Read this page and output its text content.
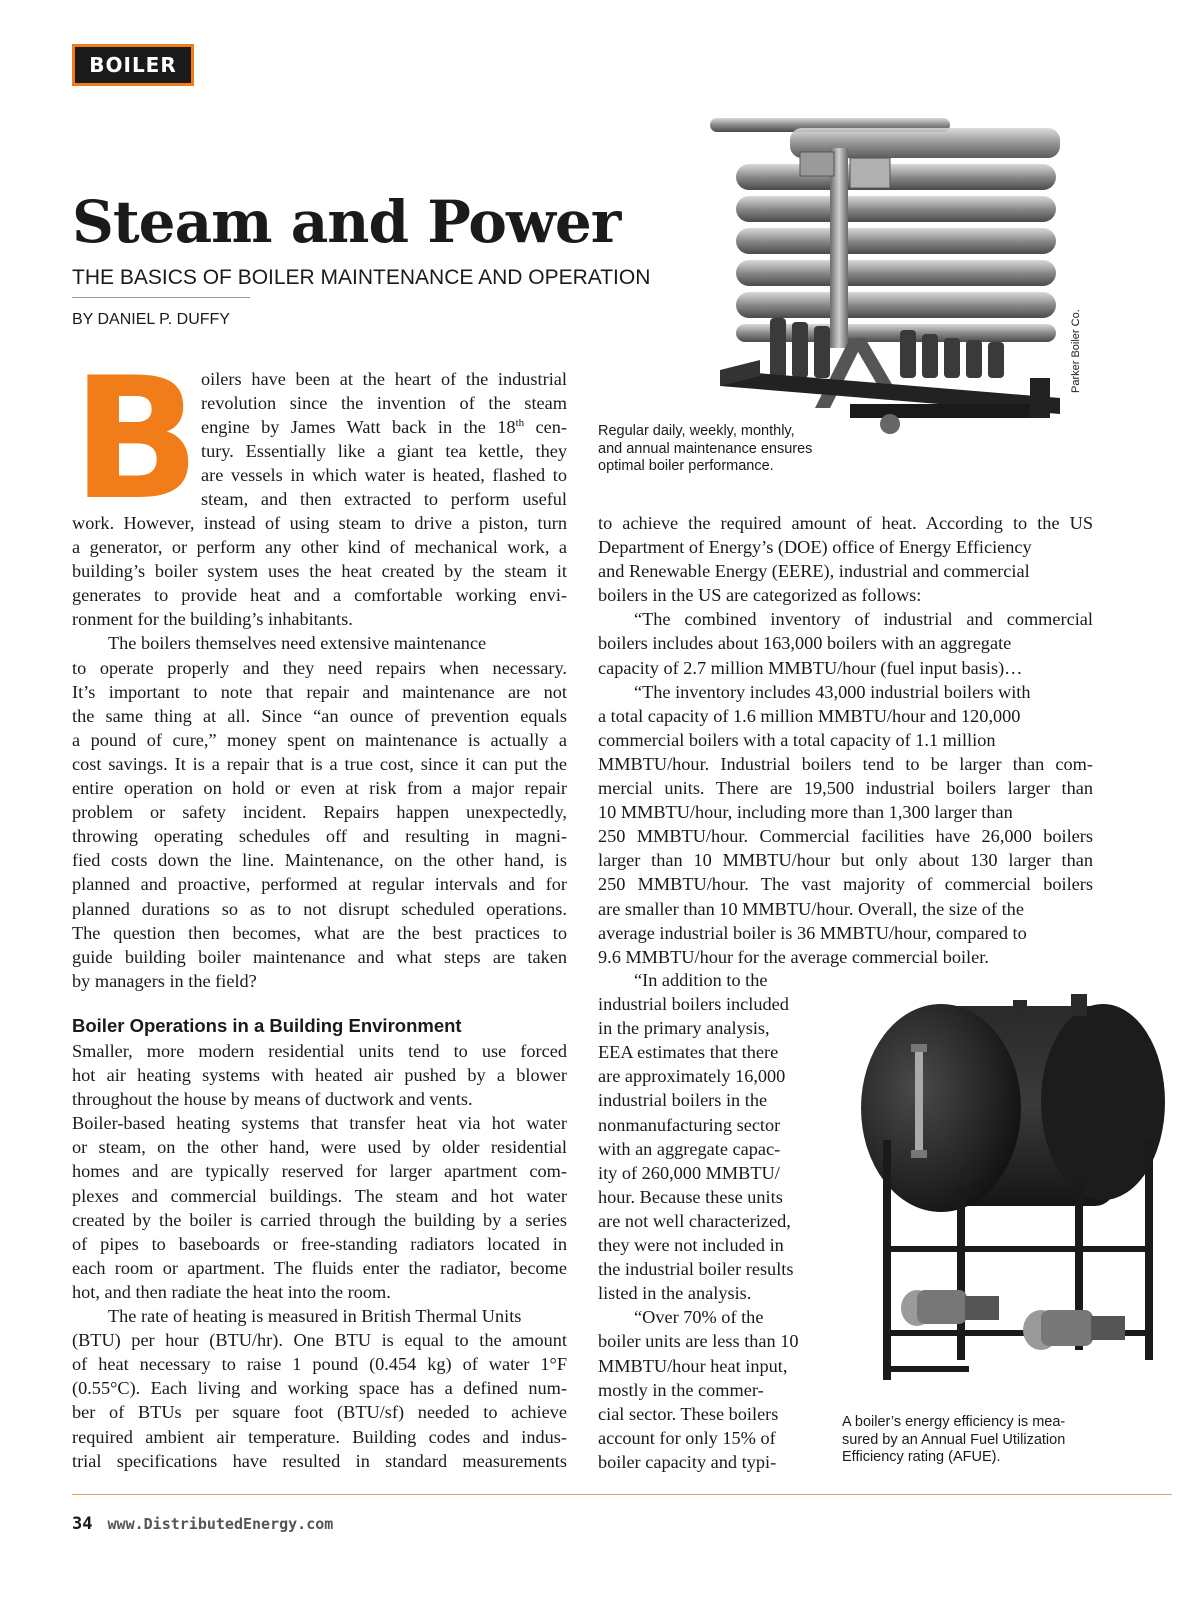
BOILER
Steam and Power
THE BASICS OF BOILER MAINTENANCE AND OPERATION
BY DANIEL P. DUFFY	Parker Boiler Co.
Regular daily, weekly, monthly,
and annual maintenance ensures
optimal boiler performance.
B oilers have been at the heart of the industrial

revolution since the invention of the steam

engine by James Watt back in the 18th cen-

tury. Essentially like a giant tea kettle, they

are vessels in which water is heated, flashed to

steam, and then extracted to perform useful

work. However, instead of using steam to drive a piston, turn

a generator, or perform any other kind of mechanical work, a

building’s boiler system uses the heat created by the steam it

generates to provide heat and a comfortable working envi-

ronment for the building’s inhabitants.

The boilers themselves need extensive maintenance

to operate properly and they need repairs when necessary.

It’s important to note that repair and maintenance are not

the same thing at all. Since “an ounce of prevention equals

a pound of cure,” money spent on maintenance is actually a

cost savings. It is a repair that is a true cost, since it can put the

entire operation on hold or even at risk from a major repair

problem or safety incident. Repairs happen unexpectedly,

throwing operating schedules off and resulting in magni-

fied costs down the line. Maintenance, on the other hand, is

planned and proactive, performed at regular intervals and for

planned durations so as to not disrupt scheduled operations.

The question then becomes, what are the best practices to

guide building boiler maintenance and what steps are taken

by managers in the field?

Boiler Operations in a Building Environment

Smaller, more modern residential units tend to use forced

hot air heating systems with heated air pushed by a blower

throughout the house by means of ductwork and vents.

Boiler-based heating systems that transfer heat via hot water

or steam, on the other hand, were used by older residential

homes and are typically reserved for larger apartment com-

plexes and commercial buildings. The steam and hot water

created by the boiler is carried through the building by a series

of pipes to baseboards or free-standing radiators located in

each room or apartment. The fluids enter the radiator, become

hot, and then radiate the heat into the room.

The rate of heating is measured in British Thermal Units

(BTU) per hour (BTU/hr). One BTU is equal to the amount

of heat necessary to raise 1 pound (0.454 kg) of water 1°F

(0.55°C). Each living and working space has a defined num-

ber of BTUs per square foot (BTU/sf) needed to achieve

required ambient air temperature. Building codes and indus-

trial specifications have resulted in standard measurements

to achieve the required amount of heat. According to the US

Department of Energy’s (DOE) office of Energy Efficiency

and Renewable Energy (EERE), industrial and commercial

boilers in the US are categorized as follows:

“The combined inventory of industrial and commercial

boilers includes about 163,000 boilers with an aggregate

capacity of 2.7 million MMBTU/hour (fuel input basis)…

“The inventory includes 43,000 industrial boilers with

a total capacity of 1.6 million MMBTU/hour and 120,000

commercial boilers with a total capacity of 1.1 million

MMBTU/hour. Industrial boilers tend to be larger than com-

mercial units. There are 19,500 industrial boilers larger than

10 MMBTU/hour, including more than 1,300 larger than

250 MMBTU/hour. Commercial facilities have 26,000 boilers

larger than 10 MMBTU/hour but only about 130 larger than

250 MMBTU/hour. The vast majority of commercial boilers

are smaller than 10 MMBTU/hour. Overall, the size of the

average industrial boiler is 36 MMBTU/hour, compared to

9.6 MMBTU/hour for the average commercial boiler.

“In addition to the

industrial boilers included

in the primary analysis,

EEA estimates that there

are approximately 16,000

industrial boilers in the

nonmanufacturing sector

with an aggregate capac-

ity of 260,000 MMBTU/

hour. Because these units

are not well characterized,

they were not included in

the industrial boiler results

listed in the analysis.

“Over 70% of the

boiler units are less than 10

MMBTU/hour heat input,

mostly in the commer-

cial sector. These boilers

account for only 15% of

boiler capacity and typi-

A boiler’s energy efficiency is mea-
sured by an Annual Fuel Utilization
Efficiency rating (AFUE).
34 www.DistributedEnergy.com
